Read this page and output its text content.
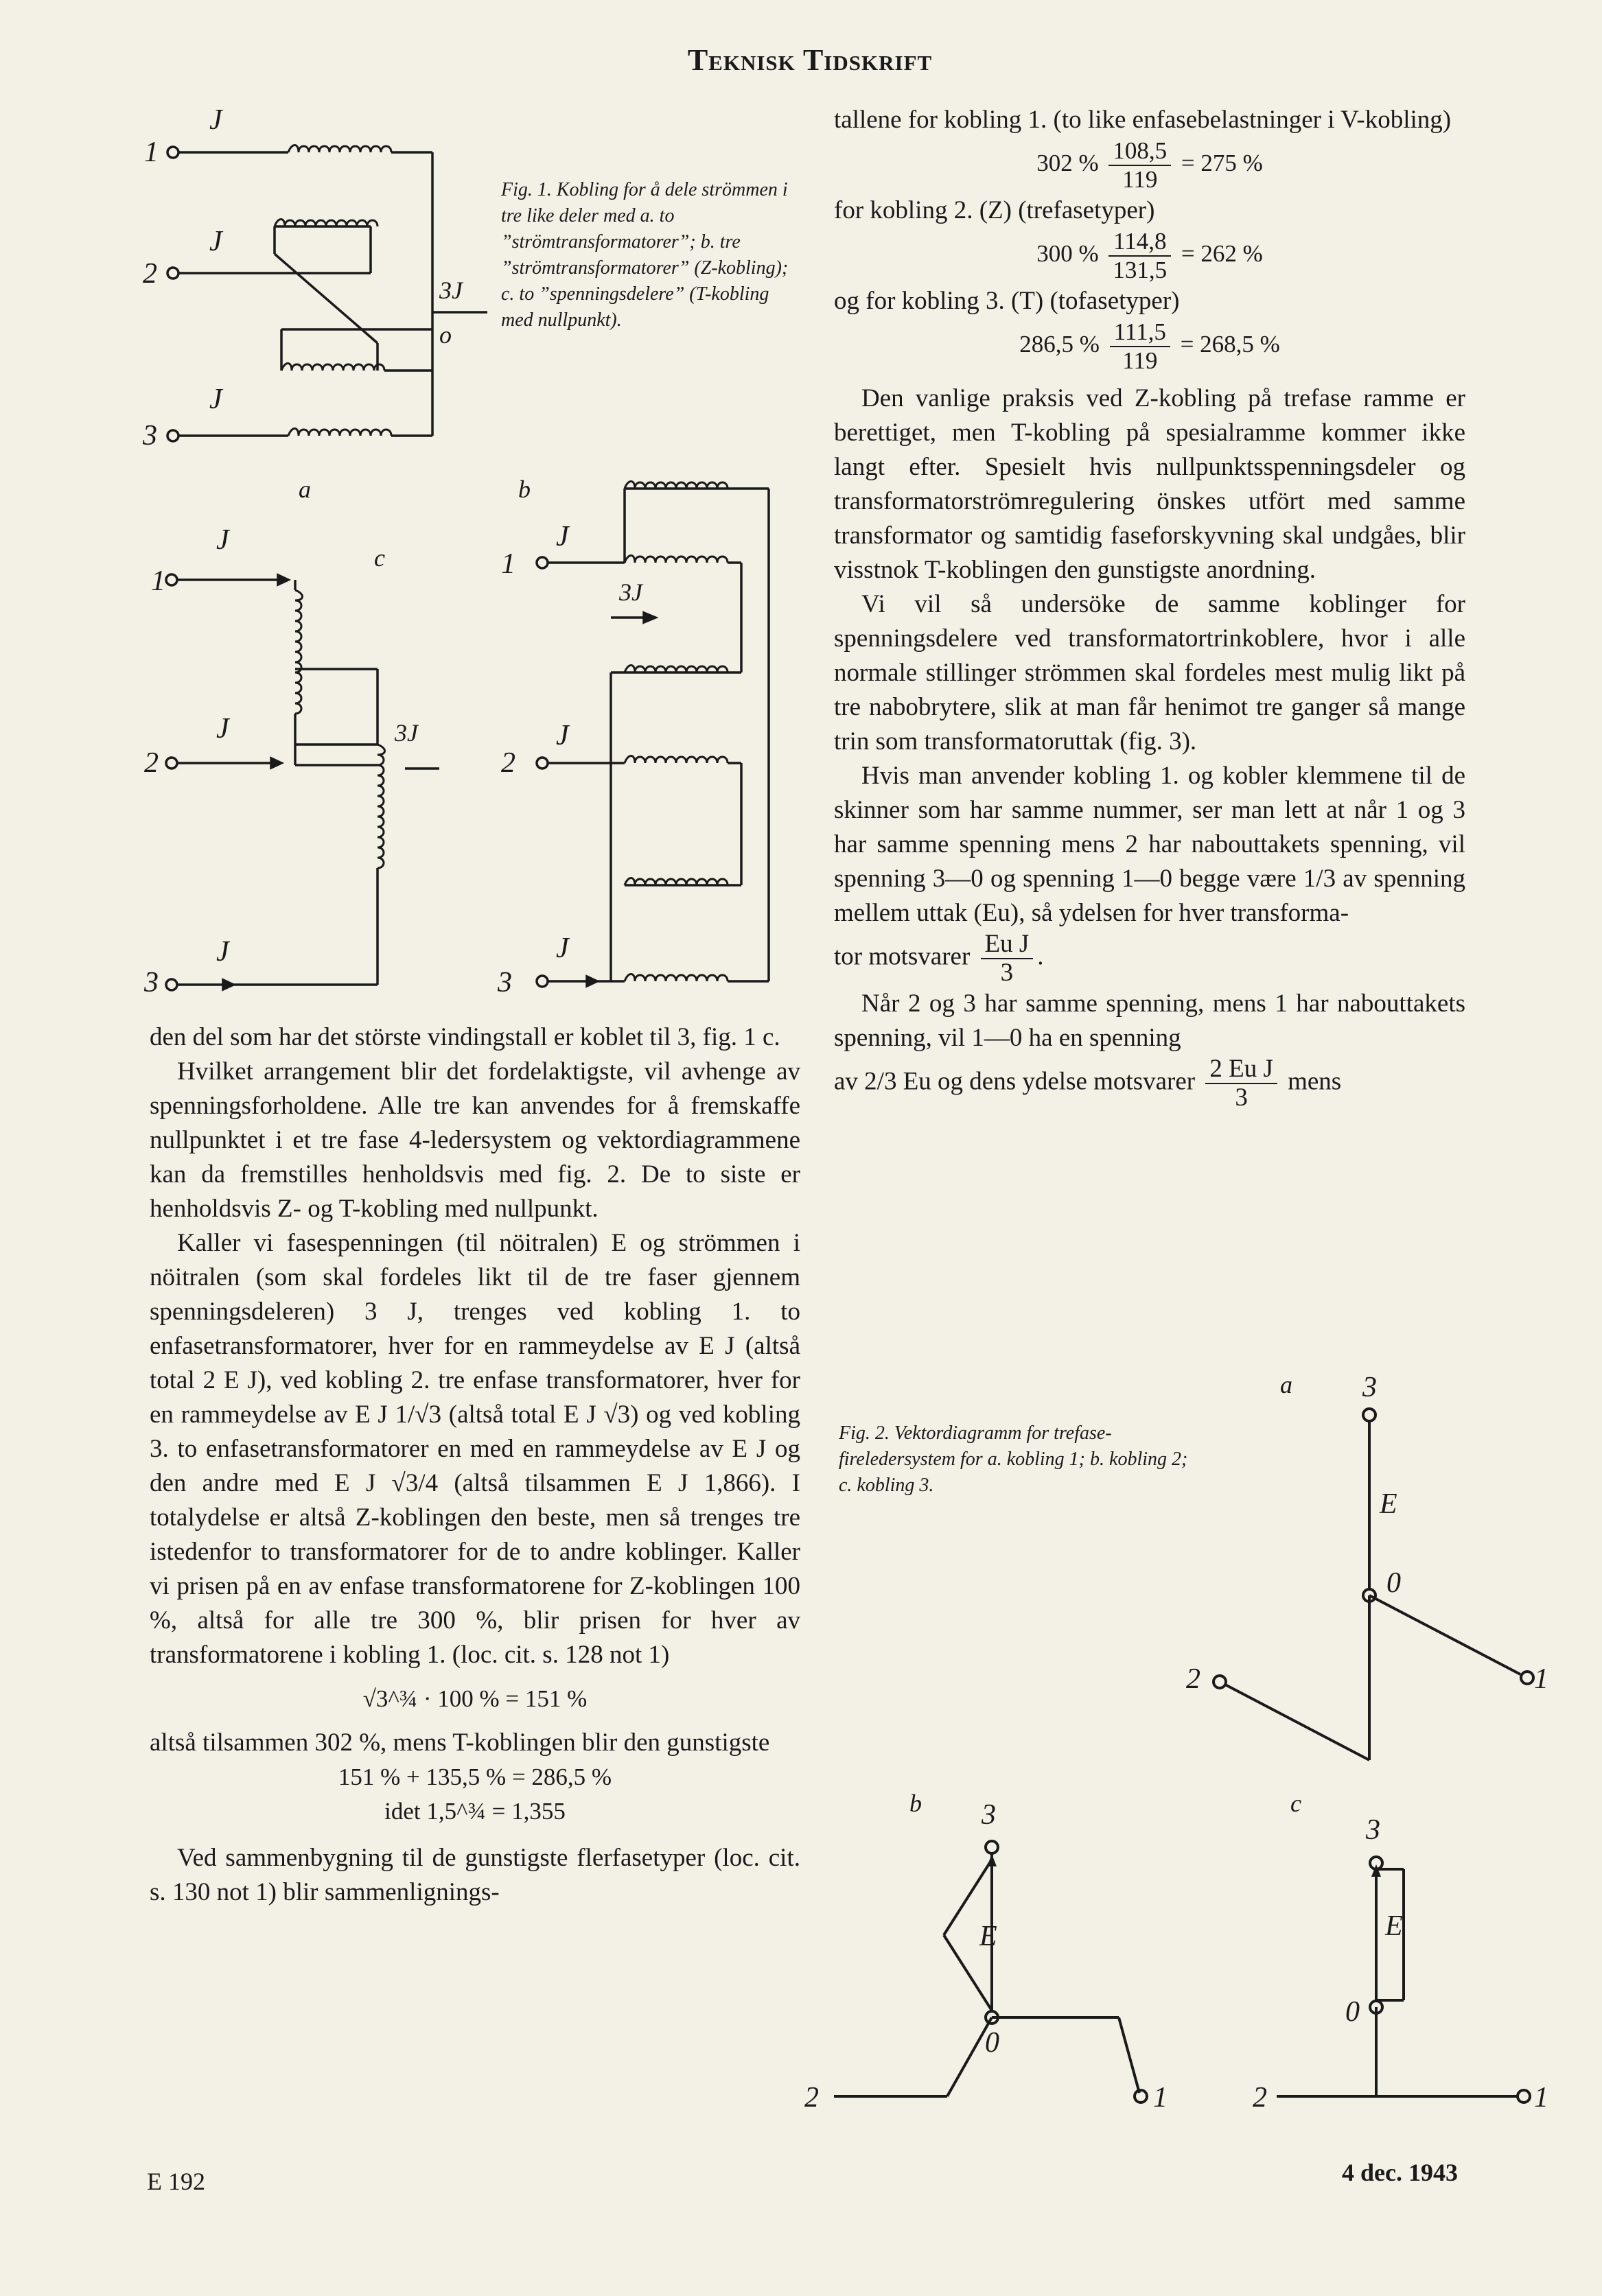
Teknisk Tidskrift
J
1
J
2
3J
o
J
3
a	b
J
1
c
J
2
3J
J
3
J
1
3J
J
2
J
3
Fig. 1. Kobling for å dele strömmen i tre like deler med a. to ”strömtransformatorer”; b. tre ”strömtransformatorer” (Z-kobling); c. to ”spenningsdelere” (T-kobling med nullpunkt).

den del som har det störste vindingstall er koblet til 3, fig. 1 c.

Hvilket arrangement blir det fordelaktigste, vil avhenge av spenningsforholdene. Alle tre kan anvendes for å fremskaffe nullpunktet i et tre fase 4-ledersystem og vektordiagrammene kan da fremstilles henholdsvis med fig. 2. De to siste er henholdsvis Z- og T-kobling med nullpunkt.

Kaller vi fasespenningen (til nöitralen) E og strömmen i nöitralen (som skal fordeles likt til de tre faser gjennem spenningsdeleren) 3 J, trenges ved kobling 1. to enfasetransformatorer, hver for en rammeydelse av E J (altså total 2 E J), ved kobling 2. tre enfase transformatorer, hver for en rammeydelse av E J 1/√3 (altså total E J √3) og ved kobling 3. to enfasetransformatorer en med en rammeydelse av E J og den andre med E J √3/4 (altså tilsammen E J 1,866). I totalydelse er altså Z-koblingen den beste, men så trenges tre istedenfor to transformatorer for de to andre koblinger. Kaller vi prisen på en av enfase transformatorene for Z-koblingen 100 %, altså for alle tre 300 %, blir prisen for hver av transformatorene i kobling 1. (loc. cit. s. 128 not 1)

√3^¾ · 100 % = 151 %

altså tilsammen 302 %, mens T-koblingen blir den gunstigste

151 % + 135,5 % = 286,5 %

idet 1,5^¾ = 1,355

Ved sammenbygning til de gunstigste flerfasetyper (loc. cit. s. 130 not 1) blir sammenlignings-

tallene for kobling 1. (to like enfasebelastninger i V-kobling)

302 % $\frac{108,5}{119} = 275$ %

for kobling 2. (Z) (trefasetyper)

300 % $\frac{114,8}{131,5} = 262$ %

og for kobling 3. (T) (tofasetyper)

286,5 % $\frac{111,5}{119} = 268,5$ %

Den vanlige praksis ved Z-kobling på trefase ramme er berettiget, men T-kobling på spesialramme kommer ikke langt efter. Spesielt hvis nullpunktsspenningsdeler og transformatorströmregulering önskes utfört med samme transformator og samtidig faseforskyvning skal undgåes, blir visstnok T-koblingen den gunstigste anordning.

Vi vil så undersöke de samme koblinger for spenningsdelere ved transformatortrinkoblere, hvor i alle normale stillinger strömmen skal fordeles mest mulig likt på tre nabobrytere, slik at man får henimot tre ganger så mange trin som transformatoruttak (fig. 3).

Hvis man anvender kobling 1. og kobler klemmene til de skinner som har samme nummer, ser man lett at når 1 og 3 har samme spenning mens 2 har nabouttakets spenning, vil spenning 3—0 og spenning 1—0 begge være 1/3 av spenning mellem uttak (Eu), så ydelsen for hver transforma-

tor motsvarer $\frac{\text{Eu J}}{3}$ .

Når 2 og 3 har samme spenning, mens 1 har nabouttakets spenning, vil 1—0 ha en spenning

av 2/3 Eu og dens ydelse motsvarer $\frac{\text{2 Eu J}}{3}$ mens

Fig. 2. Vektordiagramm for trefase-fireledersystem for a. kobling 1; b. kobling 2; c. kobling 3.
a 3
E
0
1
2
b 3
E
0
1
2
c
3
E
0
1
2
E 192	4 dec. 1943
